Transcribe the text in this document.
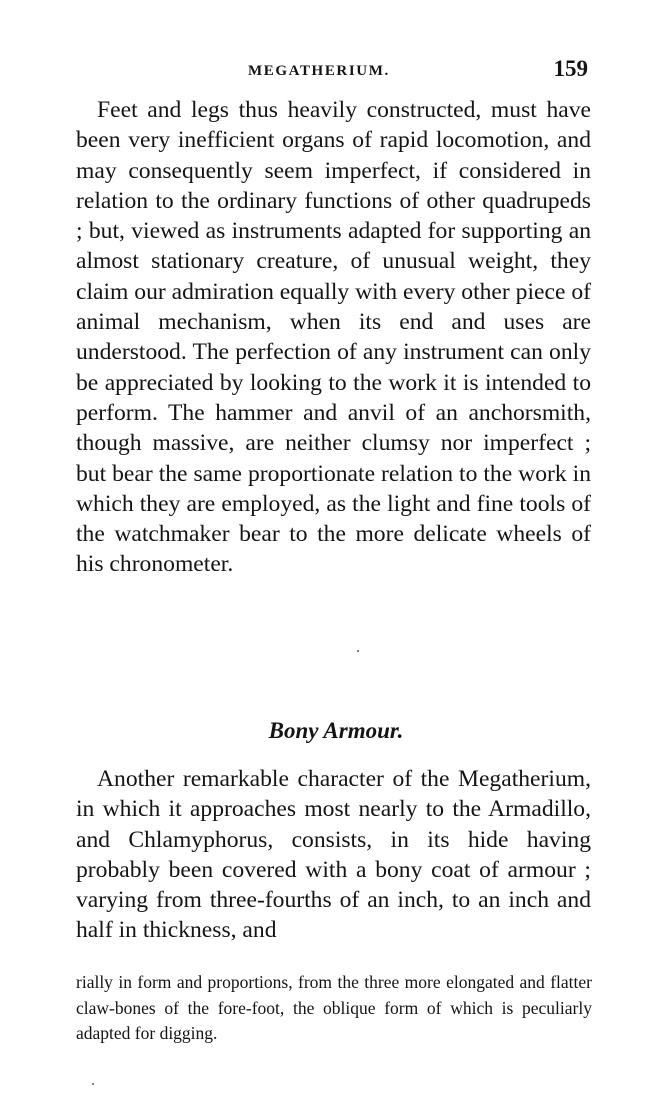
MEGATHERIUM.	159

Feet and legs thus heavily constructed, must have been very inefficient organs of rapid locomotion, and may consequently seem imperfect, if considered in relation to the ordinary functions of other quadrupeds ; but, viewed as instruments adapted for supporting an almost stationary creature, of unusual weight, they claim our admiration equally with every other piece of animal mechanism, when its end and uses are understood. The perfection of any instrument can only be appreciated by looking to the work it is intended to perform. The hammer and anvil of an anchorsmith, though massive, are neither clumsy nor imperfect ; but bear the same proportionate relation to the work in which they are employed, as the light and fine tools of the watchmaker bear to the more delicate wheels of his chronometer.

Bony Armour.

Another remarkable character of the Megatherium, in which it approaches most nearly to the Armadillo, and Chlamyphorus, consists, in its hide having probably been covered with a bony coat of armour ; varying from three-fourths of an inch, to an inch and half in thickness, and

rially in form and proportions, from the three more elongated and flatter claw-bones of the fore-foot, the oblique form of which is peculiarly adapted for digging.
